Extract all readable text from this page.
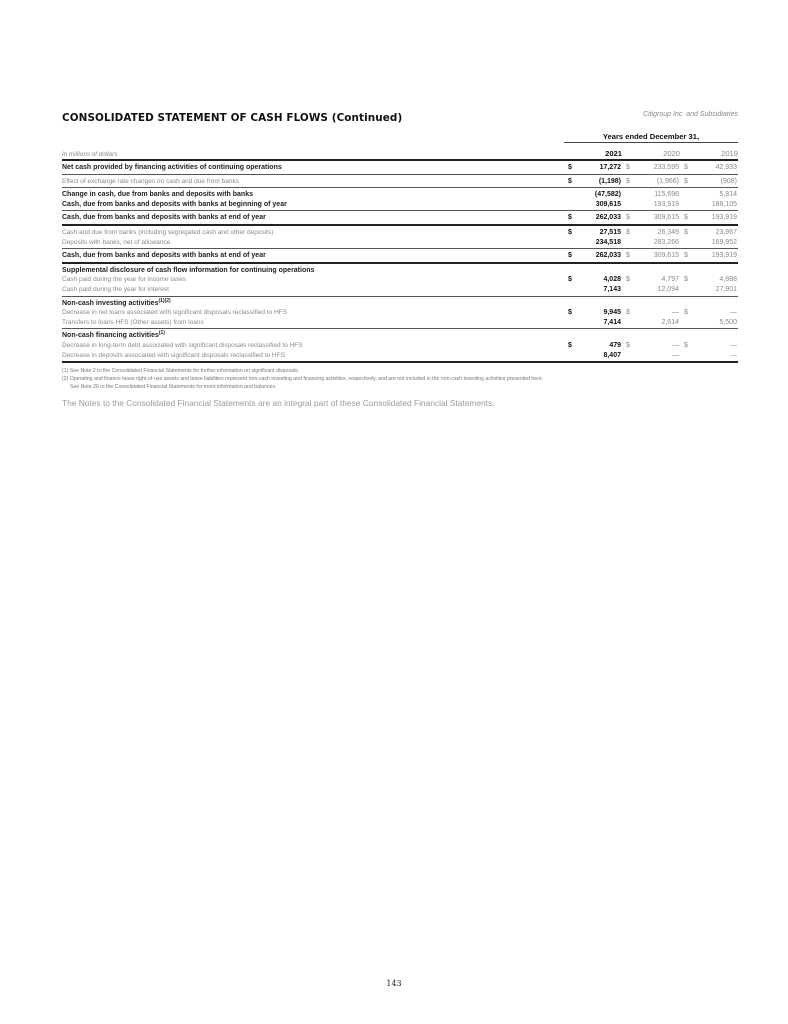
CONSOLIDATED STATEMENT OF CASH FLOWS (Continued)	Citigroup Inc. and Subsidiaries
Years ended December 31,
In millions of dollars	2021	2020	2019
Net cash provided by financing activities of continuing operations	$	17,272 $	233,595 $	42,933
Effect of exchange rate changes on cash and due from banks	$	(1,198) $	(1,966) $	(908)
Change in cash, due from banks and deposits with banks	(47,582)	115,696	5,814
Cash, due from banks and deposits with banks at beginning of year	309,615	193,919	188,105
Cash, due from banks and deposits with banks at end of year	$	262,033 $	309,615 $	193,919
Cash and due from banks (including segregated cash and other deposits)	$	27,515 $	26,349 $	23,967
Deposits with banks, net of allowance	234,518	283,266	169,952
Cash, due from banks and deposits with banks at end of year	$	262,033 $	309,615 $	193,919
Supplemental disclosure of cash flow information for continuing operations
Cash paid during the year for income taxes	$	4,028 $	4,797 $	4,888
Cash paid during the year for interest	7,143	12,094	27,901
Non-cash investing activities$^{(1)(2)}$
Decrease in net loans associated with significant disposals reclassified to HFS	$	9,945 $	— $	—
Transfers to loans HFS (Other assets) from loans	7,414	2,614	5,500
Non-cash financing activities$^{(1)}$
Decrease in long-term debt associated with significant disposals reclassified to HFS	$	479 $	— $	—
Decrease in deposits associated with significant disposals reclassified to HFS	8,407	—	—
(1) See Note 2 to the Consolidated Financial Statements for further information on significant disposals.
(2) Operating and finance lease right-of-use assets and lease liabilities represent non-cash investing and financing activities, respectively, and are not included in the non-cash investing activities presented here.
See Note 26 to the Consolidated Financial Statements for more information and balances.
The Notes to the Consolidated Financial Statements are an integral part of these Consolidated Financial Statements.
143
